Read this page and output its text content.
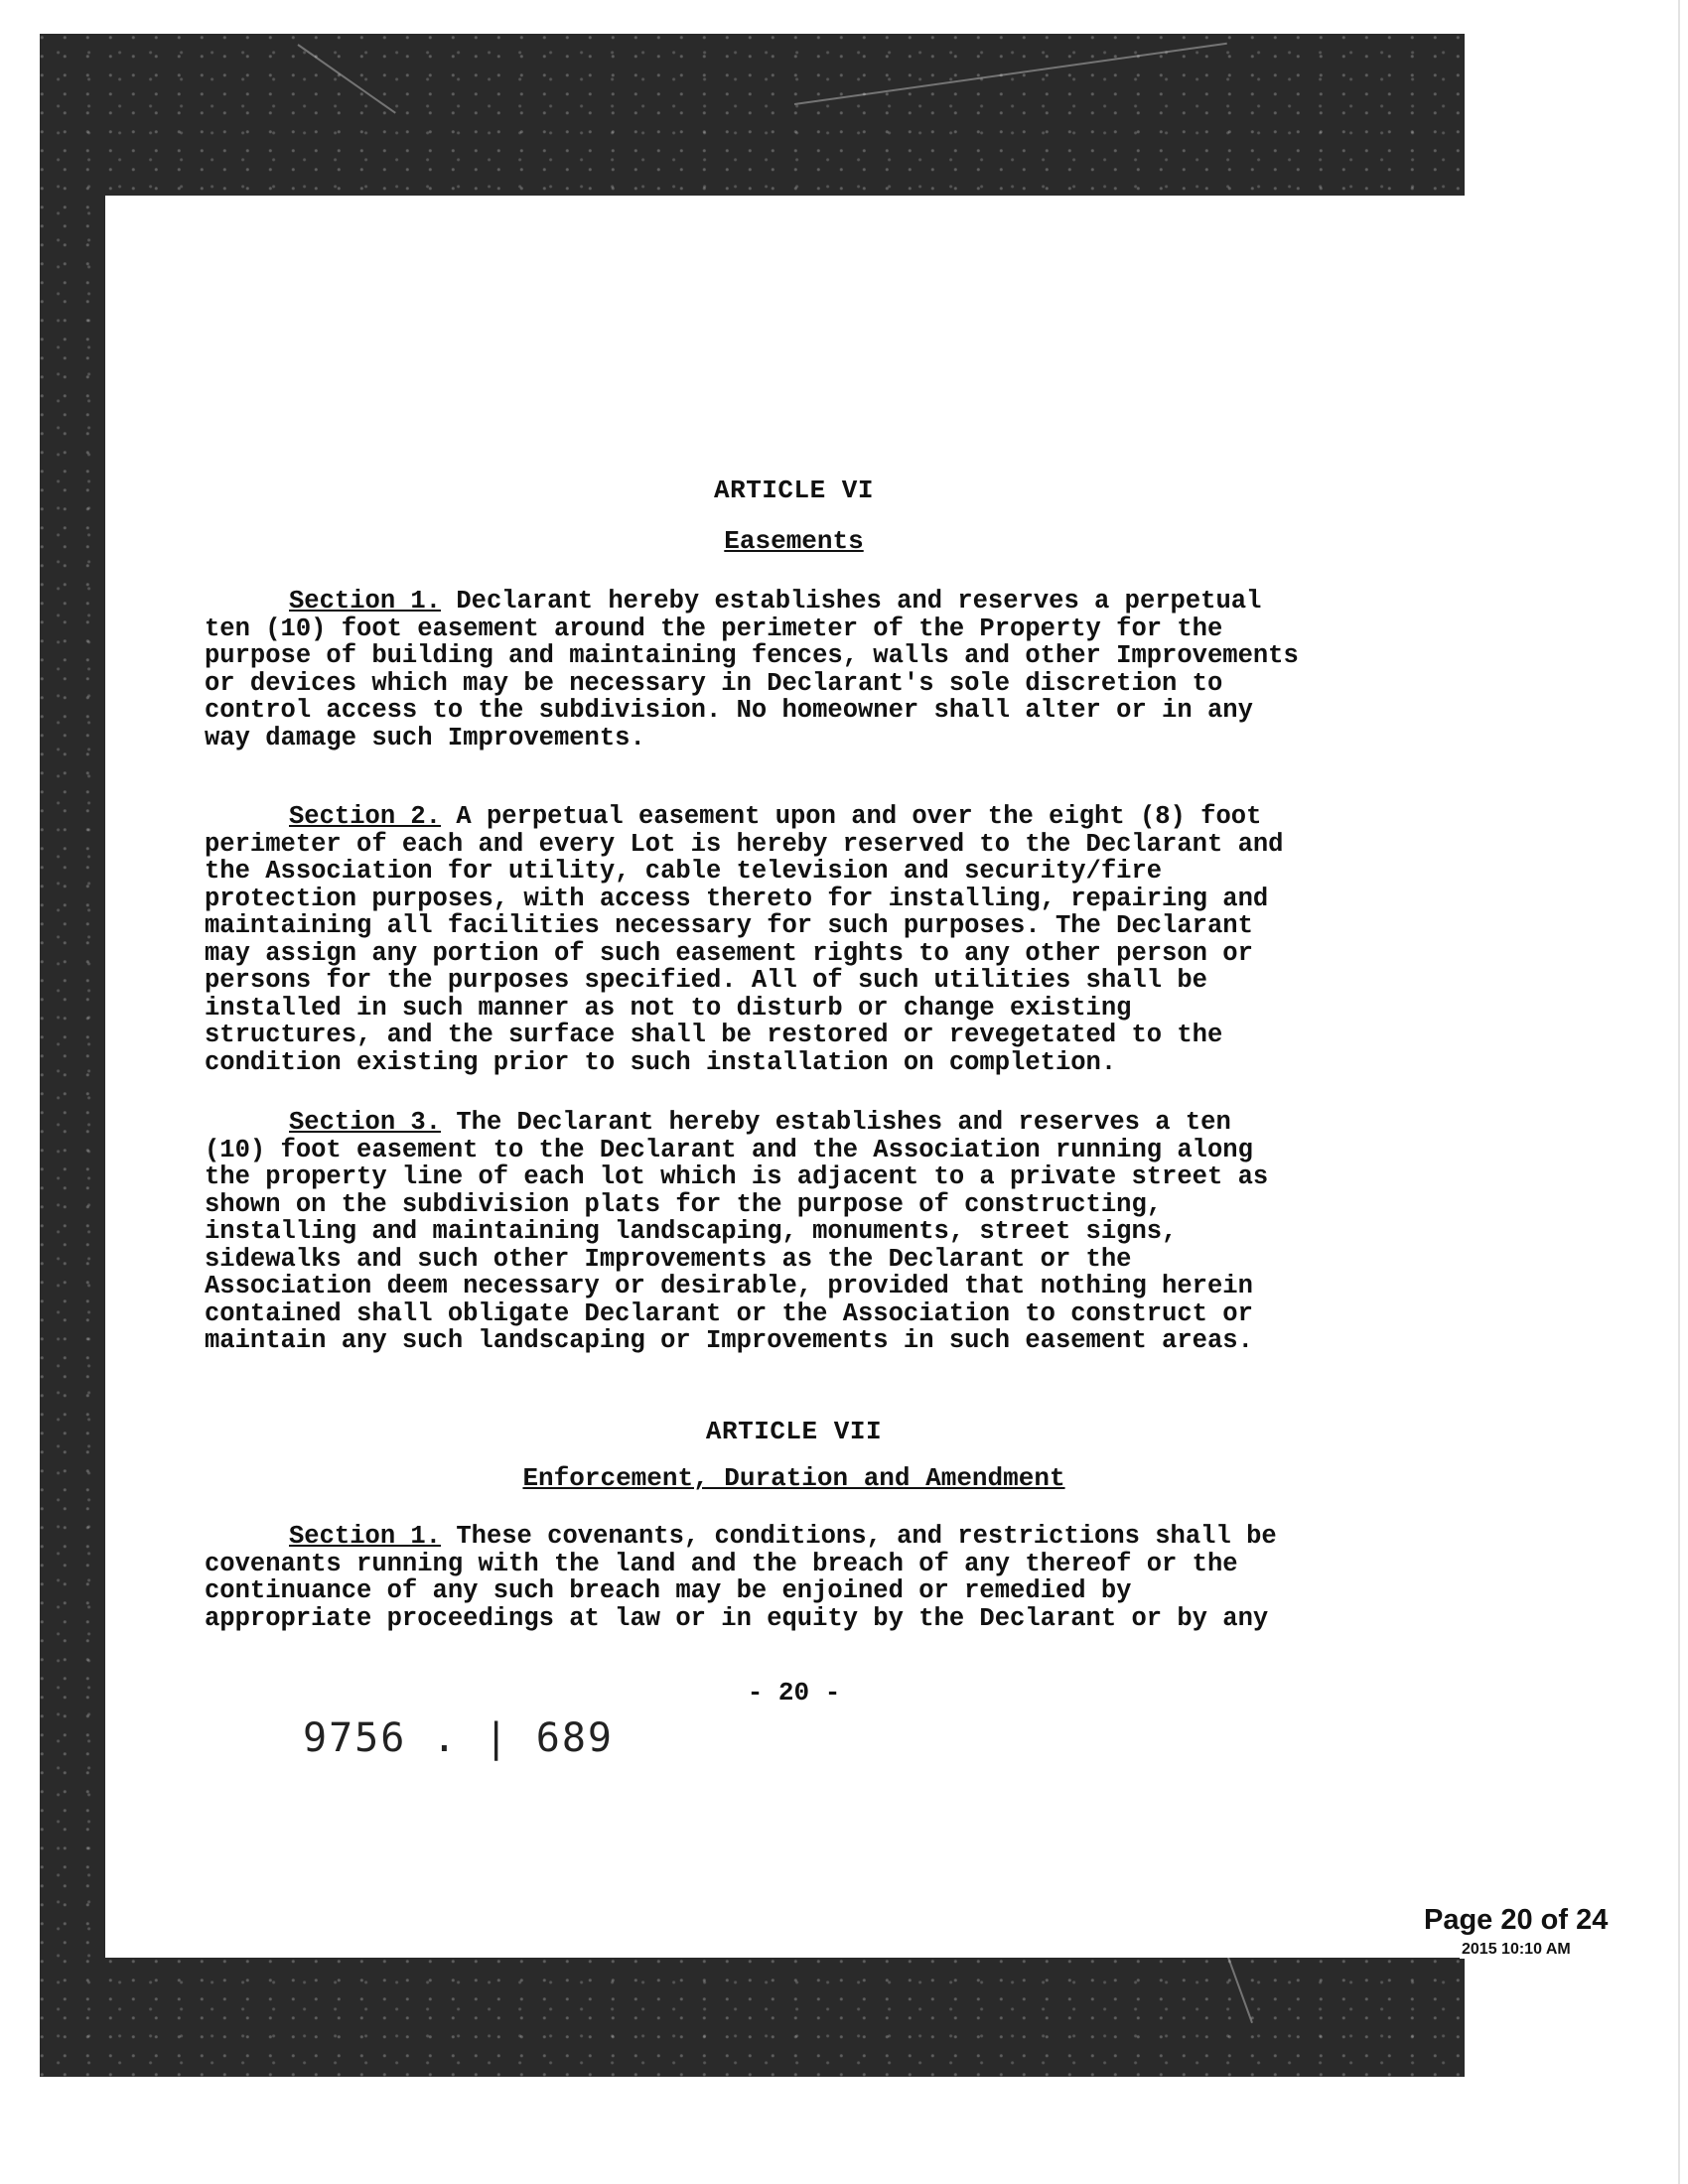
ARTICLE VI
Easements
Section 1. Declarant hereby establishes and reserves a perpetual
ten (10) foot easement around the perimeter of the Property for the
purpose of building and maintaining fences, walls and other Improvements
or devices which may be necessary in Declarant's sole discretion to
control access to the subdivision. No homeowner shall alter or in any
way damage such Improvements.
Section 2. A perpetual easement upon and over the eight (8) foot
perimeter of each and every Lot is hereby reserved to the Declarant and
the Association for utility, cable television and security/fire
protection purposes, with access thereto for installing, repairing and
maintaining all facilities necessary for such purposes. The Declarant
may assign any portion of such easement rights to any other person or
persons for the purposes specified. All of such utilities shall be
installed in such manner as not to disturb or change existing
structures, and the surface shall be restored or revegetated to the
condition existing prior to such installation on completion.
Section 3. The Declarant hereby establishes and reserves a ten
(10) foot easement to the Declarant and the Association running along
the property line of each lot which is adjacent to a private street as
shown on the subdivision plats for the purpose of constructing,
installing and maintaining landscaping, monuments, street signs,
sidewalks and such other Improvements as the Declarant or the
Association deem necessary or desirable, provided that nothing herein
contained shall obligate Declarant or the Association to construct or
maintain any such landscaping or Improvements in such easement areas.
ARTICLE VII
Enforcement, Duration and Amendment
Section 1. These covenants, conditions, and restrictions shall be
covenants running with the land and the breach of any thereof or the
continuance of any such breach may be enjoined or remedied by
appropriate proceedings at law or in equity by the Declarant or by any
- 20 -
9756 . | 689
Page 20 of 24
2015 10:10 AM
